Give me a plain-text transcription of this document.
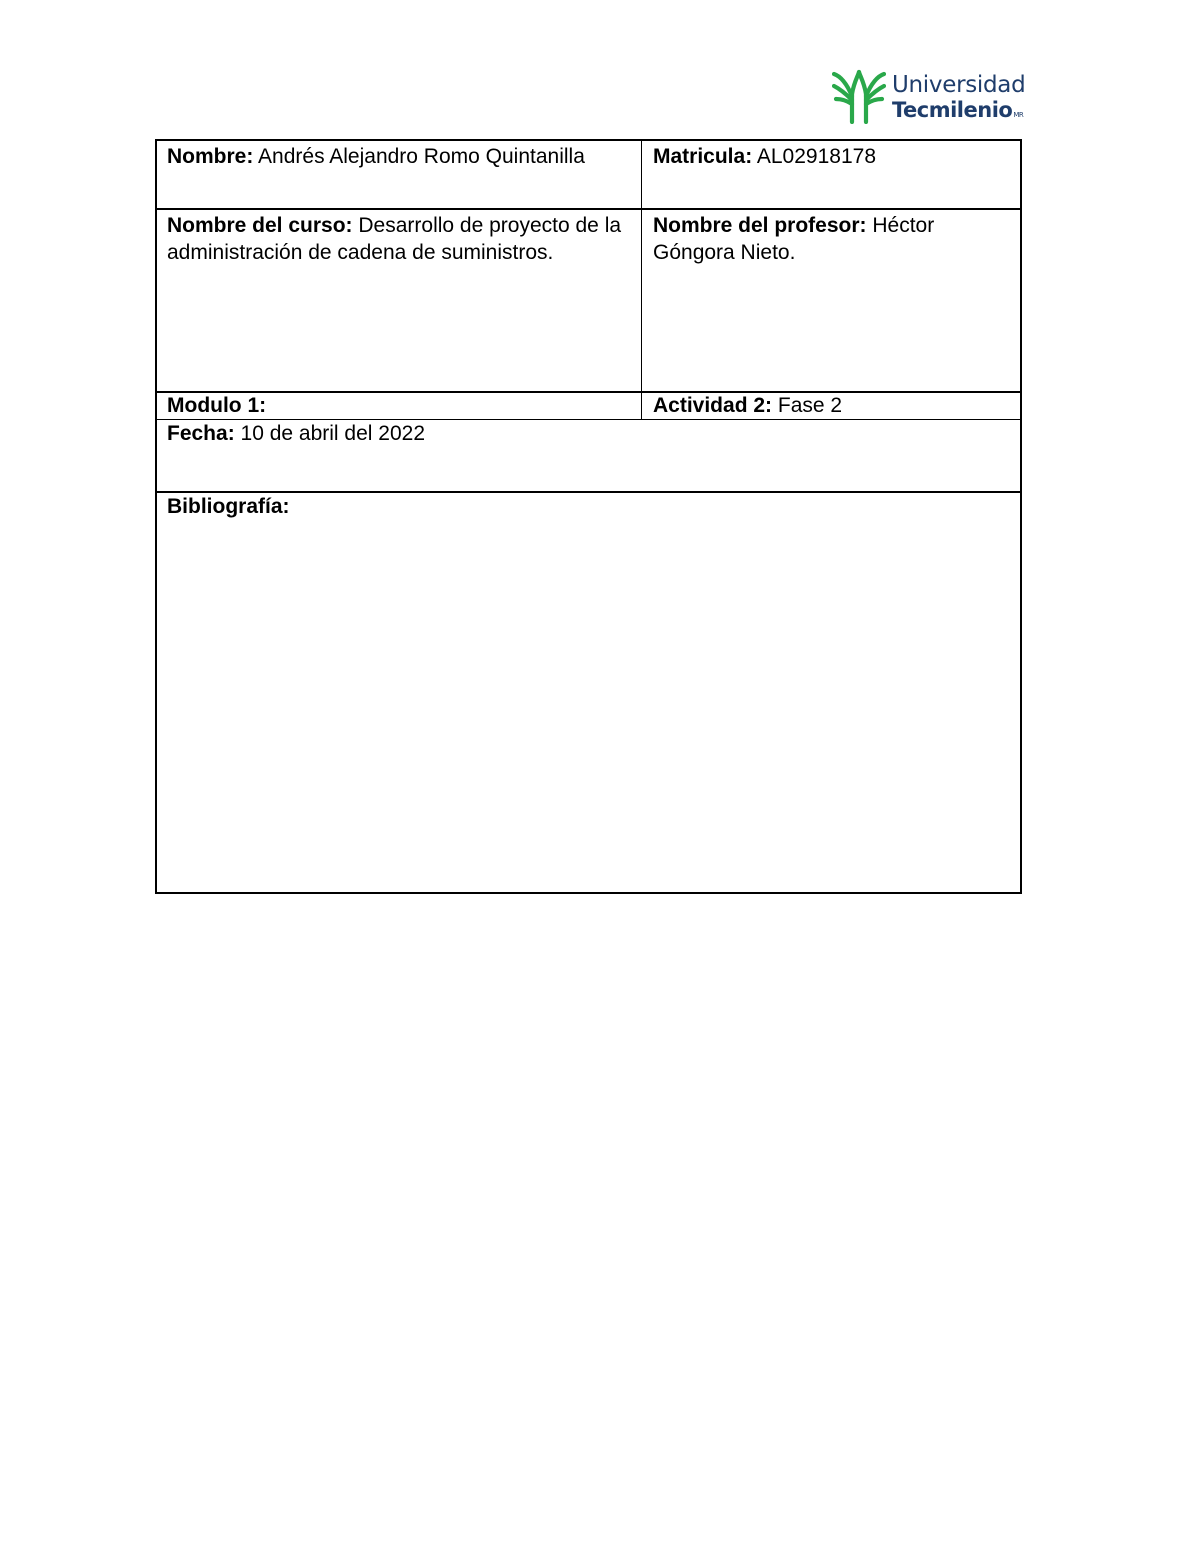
Universidad
TecmilenioMR
Nombre: Andrés Alejandro Romo Quintanilla	Matricula: AL02918178
Nombre del curso: Desarrollo de proyecto de la administración de cadena de suministros.
Nombre del profesor: Héctor Góngora Nieto.
Modulo 1:	Actividad 2: Fase 2
Fecha: 10 de abril del 2022
Bibliografía:
